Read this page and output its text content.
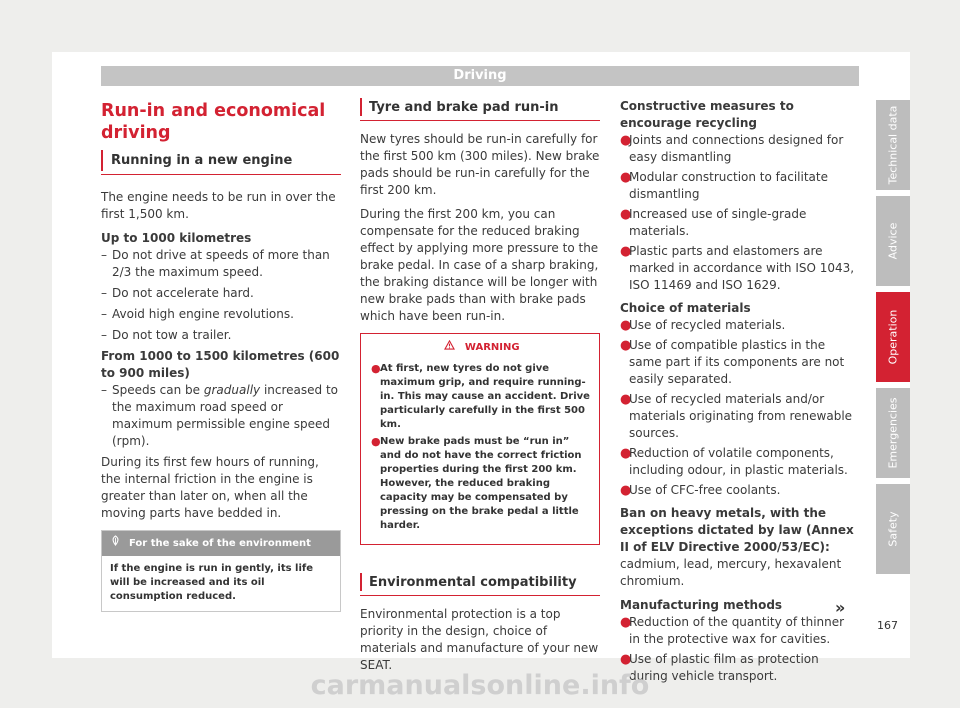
Driving
Run-in and economical driving
Running in a new engine

The engine needs to be run in over the first 1,500 km.

Up to 1000 kilometres
– Do not drive at speeds of more than 2/3 the maximum speed.
– Do not accelerate hard.
– Avoid high engine revolutions.
– Do not tow a trailer.
From 1000 to 1500 kilometres (600 to 900 miles)
– Speeds can be gradually increased to the maximum road speed or maximum permissible engine speed (rpm).

During its first few hours of running, the internal friction in the engine is greater than later on, when all the moving parts have bedded in.

For the sake of the environment
If the engine is run in gently, its life will be increased and its oil consumption reduced.
Tyre and brake pad run-in

New tyres should be run-in carefully for the first 500 km (300 miles). New brake pads should be run-in carefully for the first 200 km.

During the first 200 km, you can compensate for the reduced braking effect by applying more pressure to the brake pedal. In case of a sharp braking, the braking distance will be longer with new brake pads than with brake pads which have been run-in.

WARNING
● At first, new tyres do not give maximum grip, and require running-in. This may cause an accident. Drive particularly carefully in the first 500 km.
● New brake pads must be “run in” and do not have the correct friction properties during the first 200 km. However, the reduced braking capacity may be compensated by pressing on the brake pedal a little harder.
Environmental compatibility

Environmental protection is a top priority in the design, choice of materials and manufacture of your new SEAT.

Constructive measures to encourage recycling
●
Joints and connections designed for easy dismantling
●
Modular construction to facilitate dismantling
●
Increased use of single-grade materials.
●
Plastic parts and elastomers are marked in accordance with ISO 1043, ISO 11469 and ISO 1629.
Choice of materials
●
Use of recycled materials.
●
Use of compatible plastics in the same part if its components are not easily separated.
●
Use of recycled materials and/or materials originating from renewable sources.
●
Reduction of volatile components, including odour, in plastic materials.
●
Use of CFC-free coolants.

Ban on heavy metals, with the exceptions dictated by law (Annex II of ELV Directive 2000/53/EC): cadmium, lead, mercury, hexavalent chromium.

Manufacturing methods
●
Reduction of the quantity of thinner in the protective wax for cavities.
●
Use of plastic film as protection during vehicle transport.
»
Technical data
Advice
Operation
Emergencies
Safety
167
carmanualsonline.info
